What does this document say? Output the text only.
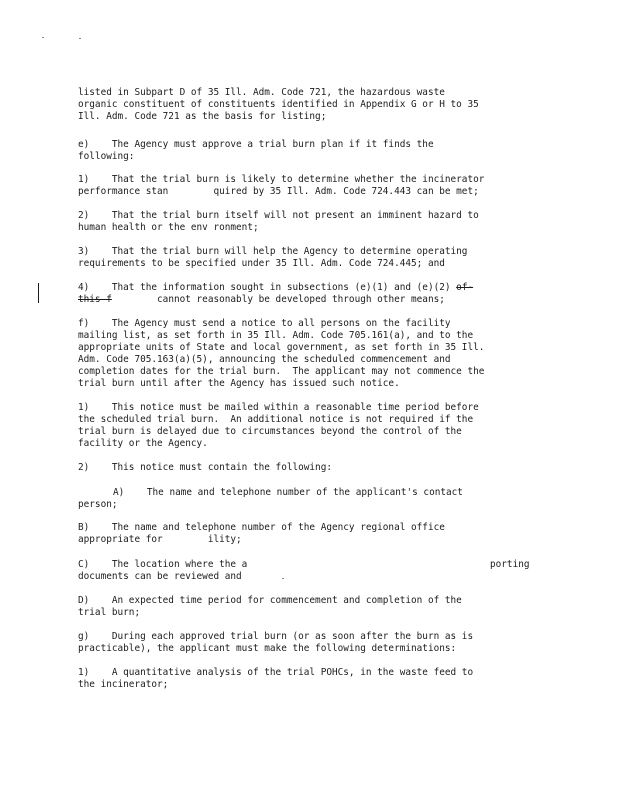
listed in Subpart D of 35 Ill. Adm. Code 721, the hazardous waste
organic constituent of constituents identified in Appendix G or H to 35
Ill. Adm. Code 721 as the basis for listing;
e)    The Agency must approve a trial burn plan if it finds the
following:
1)    That the trial burn is likely to determine whether the incinerator
performance stan        quired by 35 Ill. Adm. Code 724.443 can be met;
2)    That the trial burn itself will not present an imminent hazard to
human health or the env ronment;
3)    That the trial burn will help the Agency to determine operating
requirements to be specified under 35 Ill. Adm. Code 724.445; and
4)    That the information sought in subsections (e)(1) and (e)(2) of-
this f        cannot reasonably be developed through other means;
f)    The Agency must send a notice to all persons on the facility
mailing list, as set forth in 35 Ill. Adm. Code 705.161(a), and to the
appropriate units of State and local government, as set forth in 35 Ill.
Adm. Code 705.163(a)(5), announcing the scheduled commencement and
completion dates for the trial burn.  The applicant may not commence the
trial burn until after the Agency has issued such notice.
1)    This notice must be mailed within a reasonable time period before
the scheduled trial burn.  An additional notice is not required if the
trial burn is delayed due to circumstances beyond the control of the
facility or the Agency.
2)    This notice must contain the following:
A)    The name and telephone number of the applicant's contact
person;
B)    The name and telephone number of the Agency regional office
appropriate for        ility;
C)    The location where the a	porting
documents can be reviewed and
D)    An expected time period for commencement and completion of the
trial burn;
g)    During each approved trial burn (or as soon after the burn as is
practicable), the applicant must make the following determinations:
1)    A quantitative analysis of the trial POHCs, in the waste feed to
the incinerator;
